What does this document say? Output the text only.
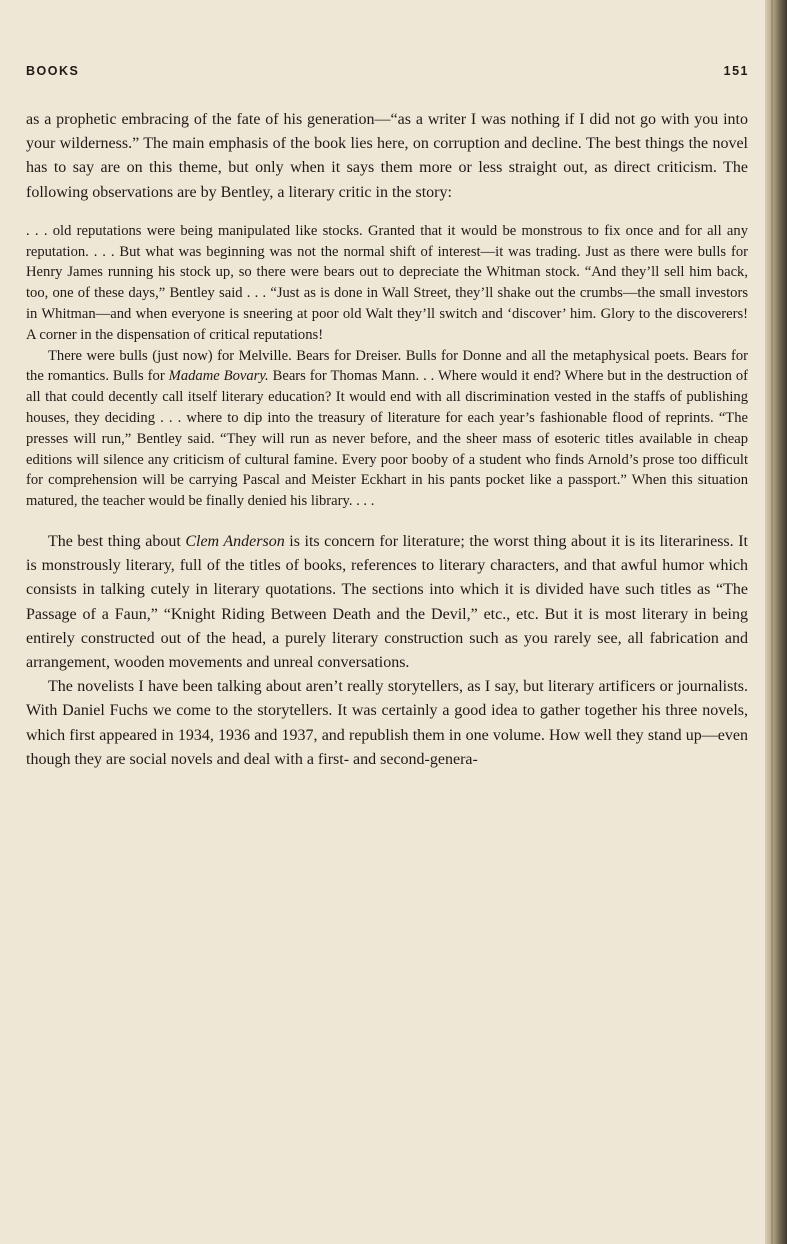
BOOKS	151

as a prophetic embracing of the fate of his generation—“as a writer I was nothing if I did not go with you into your wilderness.” The main emphasis of the book lies here, on corruption and decline. The best things the novel has to say are on this theme, but only when it says them more or less straight out, as direct criticism. The following observations are by Bentley, a literary critic in the story:

. . . old reputations were being manipulated like stocks. Granted that it would be monstrous to fix once and for all any reputation. . . . But what was beginning was not the normal shift of interest—it was trading. Just as there were bulls for Henry James running his stock up, so there were bears out to depreciate the Whitman stock. “And they’ll sell him back, too, one of these days,” Bentley said . . . “Just as is done in Wall Street, they’ll shake out the crumbs—the small investors in Whitman—and when everyone is sneering at poor old Walt they’ll switch and ‘discover’ him. Glory to the discoverers! A corner in the dispensation of critical reputations!

There were bulls (just now) for Melville. Bears for Dreiser. Bulls for Donne and all the metaphysical poets. Bears for the romantics. Bulls for Madame Bovary. Bears for Thomas Mann. . . Where would it end? Where but in the destruction of all that could decently call itself literary education? It would end with all discrimination vested in the staffs of publishing houses, they deciding . . . where to dip into the treasury of literature for each year’s fashionable flood of reprints. “The presses will run,” Bentley said. “They will run as never before, and the sheer mass of esoteric titles available in cheap editions will silence any criticism of cultural famine. Every poor booby of a student who finds Arnold’s prose too difficult for comprehension will be carrying Pascal and Meister Eckhart in his pants pocket like a passport.” When this situation matured, the teacher would be finally denied his library. . . .

The best thing about Clem Anderson is its concern for literature; the worst thing about it is its literariness. It is monstrously literary, full of the titles of books, references to literary characters, and that awful humor which consists in talking cutely in literary quotations. The sections into which it is divided have such titles as “The Passage of a Faun,” “Knight Riding Between Death and the Devil,” etc., etc. But it is most literary in being entirely constructed out of the head, a purely literary construction such as you rarely see, all fabrication and arrangement, wooden movements and unreal conversations.

The novelists I have been talking about aren’t really storytellers, as I say, but literary artificers or journalists. With Daniel Fuchs we come to the storytellers. It was certainly a good idea to gather together his three novels, which first appeared in 1934, 1936 and 1937, and republish them in one volume. How well they stand up—even though they are social novels and deal with a first- and second-genera-
